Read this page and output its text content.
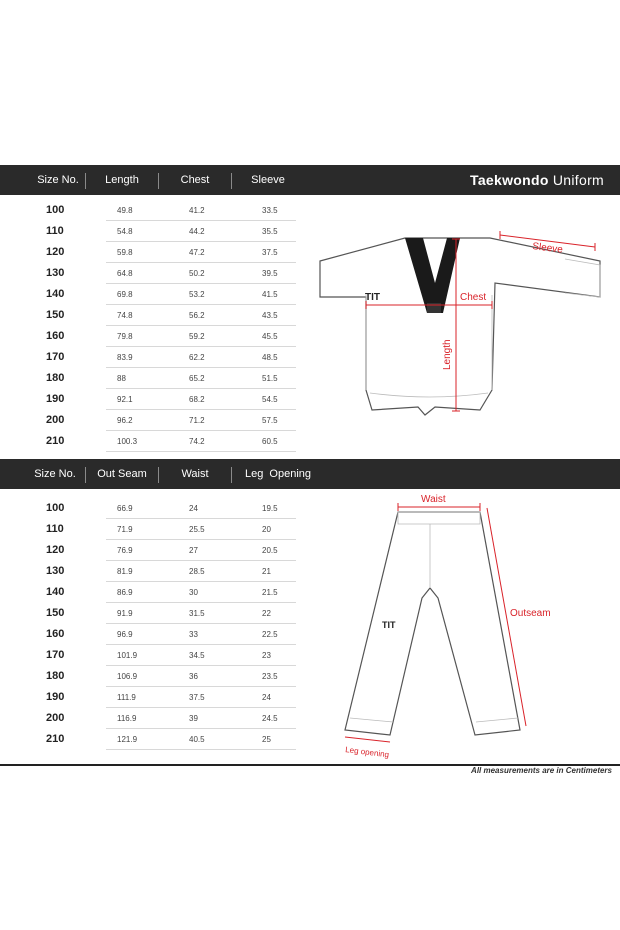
Size No.	Length	Chest	Sleeve	Taekwondo Uniform
100	49.8	41.2	33.5
110	54.8	44.2	35.5
120	59.8	47.2	37.5
130	64.8	50.2	39.5
140	69.8	53.2	41.5
150	74.8	56.2	43.5
160	79.8	59.2	45.5
170	83.9	62.2	48.5
180	88	65.2	51.5
190	92.1	68.2	54.5
200	96.2	71.2	57.5
210	100.3	74.2	60.5
Size No.	Out Seam	Waist	Leg  Opening
100	66.9	24	19.5
110	71.9	25.5	20
120	76.9	27	20.5
130	81.9	28.5	21
140	86.9	30	21.5
150	91.9	31.5	22
160	96.9	33	22.5
170	101.9	34.5	23
180	106.9	36	23.5
190	111.9	37.5	24
200	116.9	39	24.5
210	121.9	40.5	25
TIT
Sleeve
Chest
Length
TIT
Waist
Outseam
Leg opening
All measurements are in Centimeters
